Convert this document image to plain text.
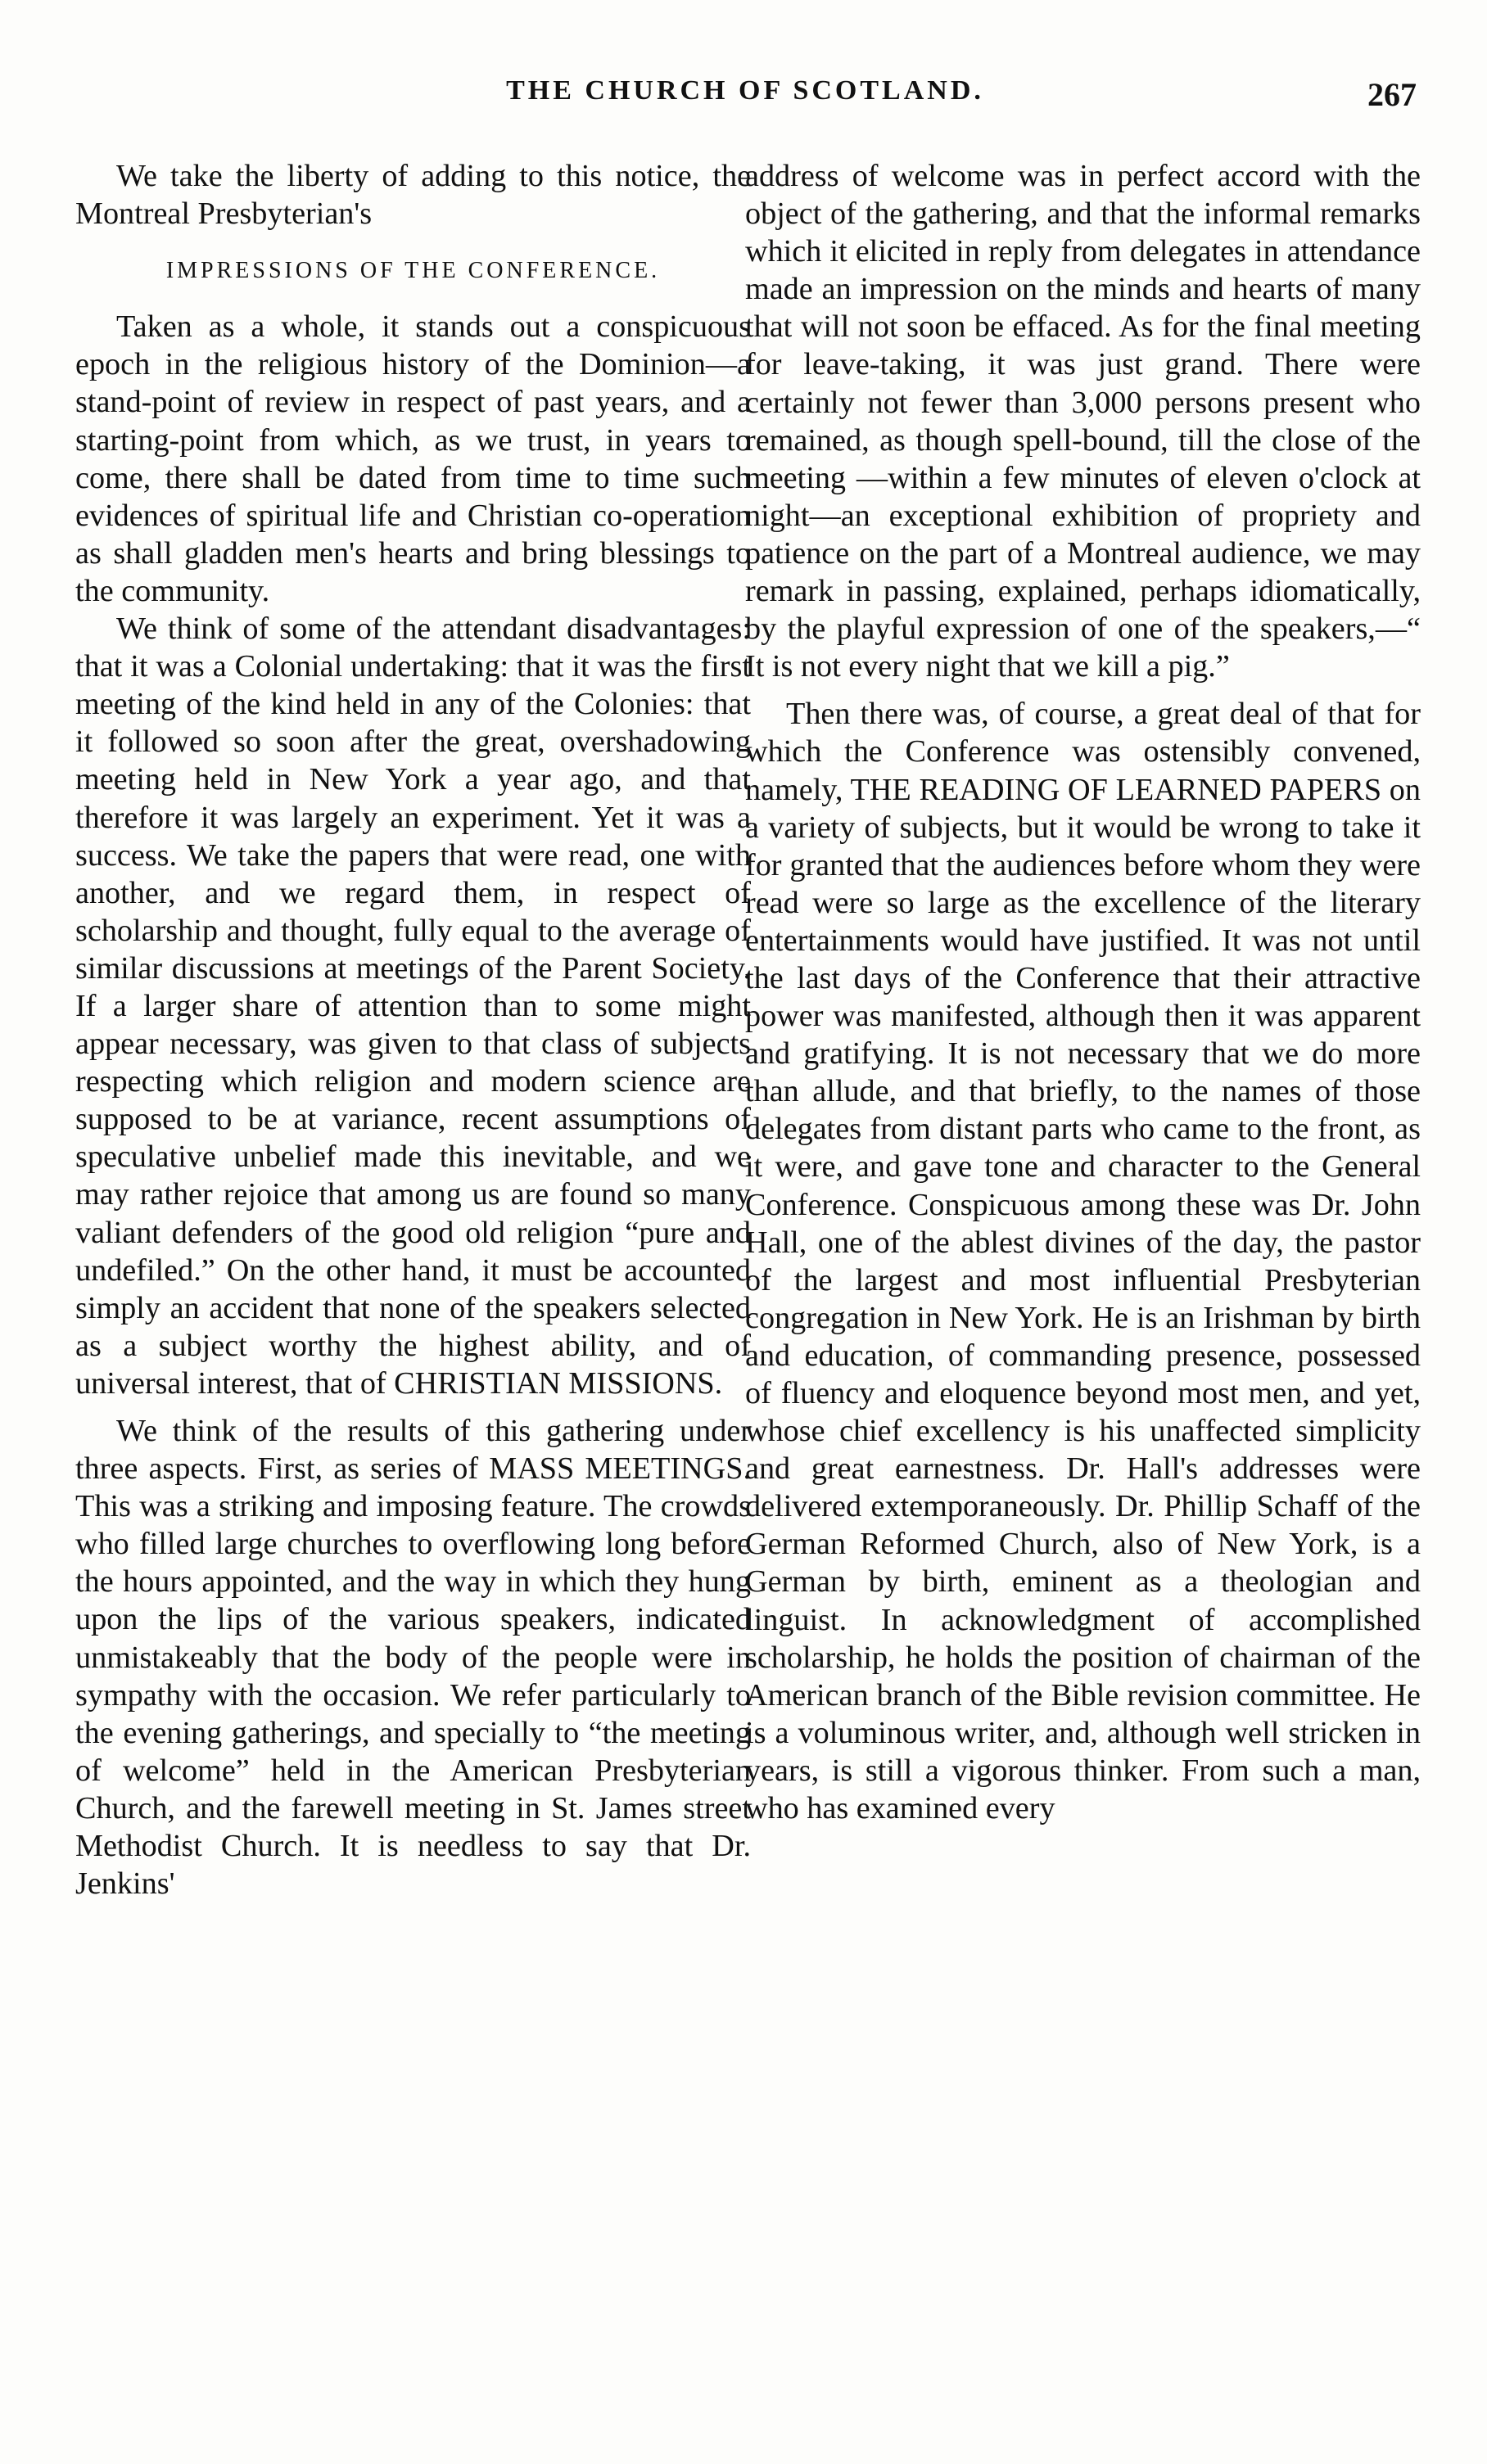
THE CHURCH OF SCOTLAND.	267

We take the liberty of adding to this notice, the Montreal Presbyterian's

IMPRESSIONS OF THE CONFERENCE.

Taken as a whole, it stands out a conspicuous epoch in the religious history of the Dominion—a stand-point of review in respect of past years, and a starting-point from which, as we trust, in years to come, there shall be dated from time to time such evidences of spiritual life and Christian co-operation as shall gladden men's hearts and bring blessings to the community.

We think of some of the attendant disadvantages: that it was a Colonial undertaking: that it was the first meeting of the kind held in any of the Colonies: that it followed so soon after the great, overshadowing meeting held in New York a year ago, and that therefore it was largely an experiment. Yet it was a success. We take the papers that were read, one with another, and we regard them, in respect of scholarship and thought, fully equal to the average of similar discussions at meetings of the Parent Society. If a larger share of attention than to some might appear necessary, was given to that class of subjects respecting which religion and modern science are supposed to be at variance, recent assumptions of speculative unbelief made this inevitable, and we may rather rejoice that among us are found so many valiant defenders of the good old religion “pure and undefiled.” On the other hand, it must be accounted simply an accident that none of the speakers selected as a subject worthy the highest ability, and of universal interest, that of CHRISTIAN MISSIONS.

We think of the results of this gathering under three aspects. First, as series of MASS MEETINGS. This was a striking and imposing feature. The crowds who filled large churches to overflowing long before the hours appointed, and the way in which they hung upon the lips of the various speakers, indicated unmistakeably that the body of the people were in sympathy with the occasion. We refer particularly to the evening gatherings, and specially to “the meeting of welcome” held in the American Presbyterian Church, and the farewell meeting in St. James street Methodist Church. It is needless to say that Dr. Jenkins'

address of welcome was in perfect accord with the object of the gathering, and that the informal remarks which it elicited in reply from delegates in attendance made an impression on the minds and hearts of many that will not soon be effaced. As for the final meeting for leave-taking, it was just grand. There were certainly not fewer than 3,000 persons present who remained, as though spell-bound, till the close of the meeting —within a few minutes of eleven o'clock at night—an exceptional exhibition of propriety and patience on the part of a Montreal audience, we may remark in passing, explained, perhaps idiomatically, by the playful expression of one of the speakers,—“ It is not every night that we kill a pig.”

Then there was, of course, a great deal of that for which the Conference was ostensibly convened, namely, THE READING OF LEARNED PAPERS on a variety of subjects, but it would be wrong to take it for granted that the audiences before whom they were read were so large as the excellence of the literary entertainments would have justified. It was not until the last days of the Conference that their attractive power was manifested, although then it was apparent and gratifying. It is not necessary that we do more than allude, and that briefly, to the names of those delegates from distant parts who came to the front, as it were, and gave tone and character to the General Conference. Conspicuous among these was Dr. John Hall, one of the ablest divines of the day, the pastor of the largest and most influential Presbyterian congregation in New York. He is an Irishman by birth and education, of commanding presence, possessed of fluency and eloquence beyond most men, and yet, whose chief excellency is his unaffected simplicity and great earnestness. Dr. Hall's addresses were delivered extemporaneously. Dr. Phillip Schaff of the German Reformed Church, also of New York, is a German by birth, eminent as a theologian and linguist. In acknowledgment of accomplished scholarship, he holds the position of chairman of the American branch of the Bible revision committee. He is a voluminous writer, and, although well stricken in years, is still a vigorous thinker. From such a man, who has examined every
